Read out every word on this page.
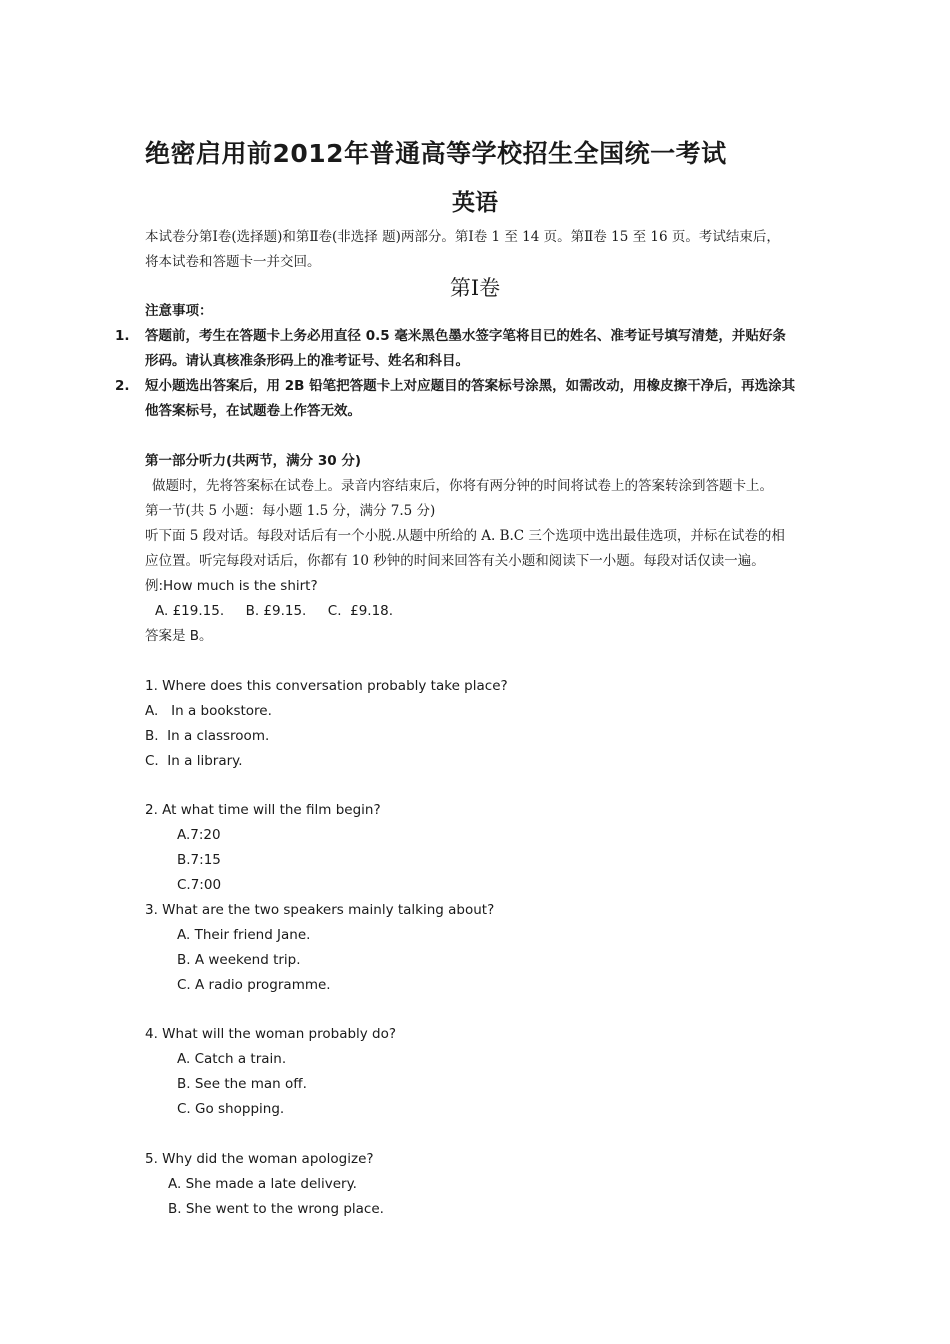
绝密启用前2012年普通高等学校招生全国统一考试
英语
本试卷分第Ⅰ卷(选择题)和第Ⅱ卷(非选择 题)两部分。第Ⅰ卷 1 至 14 页。第Ⅱ卷 15 至 16 页。考试结束后，
将本试卷和答题卡一并交回。
第Ⅰ卷
注意事项：
1. 答题前，考生在答题卡上务必用直径 0.5 毫米黑色墨水签字笔将目已的姓名、准考证号填写清楚，并贴好条
形码。请认真核准条形码上的准考证号、姓名和科目。
2. 短小题选出答案后，用 2B 铅笔把答题卡上对应题目的答案标号涂黑，如需改动，用橡皮擦干净后，再选涂其
他答案标号，在试题卷上作答无效。
第一部分听力(共两节，满分 30 分)
做题时，先将答案标在试卷上。录音内容结束后，你将有两分钟的时间将试卷上的答案转涂到答题卡上。
第一节(共 5 小题：每小题 1.5 分，满分 7.5 分)
听下面 5 段对话。每段对话后有一个小脱.从题中所给的 A. B.C 三个选项中选出最佳选项，并标在试卷的相
应位置。听完每段对话后，你都有 10 秒钟的时间来回答有关小题和阅读下一小题。每段对话仅读一遍。
例:How much is the shirt?
A. £19.15.     B. £9.15.     C.  £9.18.
答案是 B。
1. Where does this conversation probably take place?
A.   In a bookstore.
B.  In a classroom.
C.  In a library.
2. At what time will the film begin?
A.7:20
B.7:15
C.7:00
3. What are the two speakers mainly talking about?
A. Their friend Jane.
B. A weekend trip.
C. A radio programme.
4. What will the woman probably do?
A. Catch a train.
B. See the man off.
C. Go shopping.
5. Why did the woman apologize?
A. She made a late delivery.
B. She went to the wrong place.
